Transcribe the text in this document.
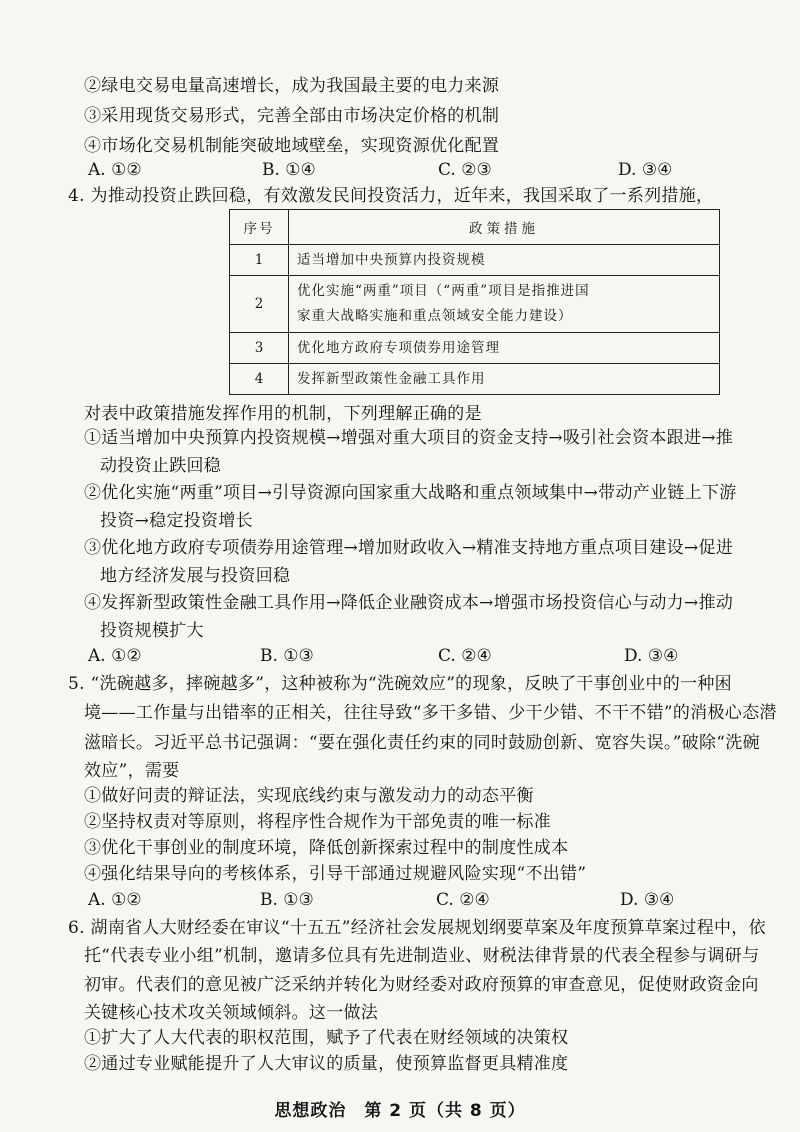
②绿电交易电量高速增长，成为我国最主要的电力来源
③采用现货交易形式，完善全部由市场决定价格的机制
④市场化交易机制能突破地域壁垒，实现资源优化配置
A. ①②	B. ①④	C. ②③	D. ③④
4. 为推动投资止跌回稳，有效激发民间投资活力，近年来，我国采取了一系列措施，
序号	政策措施
1	适当增加中央预算内投资规模
2	优化实施“两重”项目（“两重”项目是指推进国
家重大战略实施和重点领域安全能力建设）

3	优化地方政府专项债券用途管理
4	发挥新型政策性金融工具作用
对表中政策措施发挥作用的机制，下列理解正确的是
①适当增加中央预算内投资规模→增强对重大项目的资金支持→吸引社会资本跟进→推
动投资止跌回稳
②优化实施“两重”项目→引导资源向国家重大战略和重点领域集中→带动产业链上下游
投资→稳定投资增长
③优化地方政府专项债券用途管理→增加财政收入→精准支持地方重点项目建设→促进
地方经济发展与投资回稳
④发挥新型政策性金融工具作用→降低企业融资成本→增强市场投资信心与动力→推动
投资规模扩大
A. ①②	B. ①③	C. ②④	D. ③④
5. “洗碗越多，摔碗越多”，这种被称为“洗碗效应”的现象，反映了干事创业中的一种困
境——工作量与出错率的正相关，往往导致“多干多错、少干少错、不干不错”的消极心态潜
滋暗长。习近平总书记强调：“要在强化责任约束的同时鼓励创新、宽容失误。”破除“洗碗
效应”，需要
①做好问责的辩证法，实现底线约束与激发动力的动态平衡
②坚持权责对等原则，将程序性合规作为干部免责的唯一标准
③优化干事创业的制度环境，降低创新探索过程中的制度性成本
④强化结果导向的考核体系，引导干部通过规避风险实现“不出错”
A. ①②	B. ①③	C. ②④	D. ③④
6. 湖南省人大财经委在审议“十五五”经济社会发展规划纲要草案及年度预算草案过程中，依
托“代表专业小组”机制，邀请多位具有先进制造业、财税法律背景的代表全程参与调研与
初审。代表们的意见被广泛采纳并转化为财经委对政府预算的审查意见，促使财政资金向
关键核心技术攻关领域倾斜。这一做法
①扩大了人大代表的职权范围，赋予了代表在财经领域的决策权
②通过专业赋能提升了人大审议的质量，使预算监督更具精准度
思想政治　第 2 页（共 8 页）
